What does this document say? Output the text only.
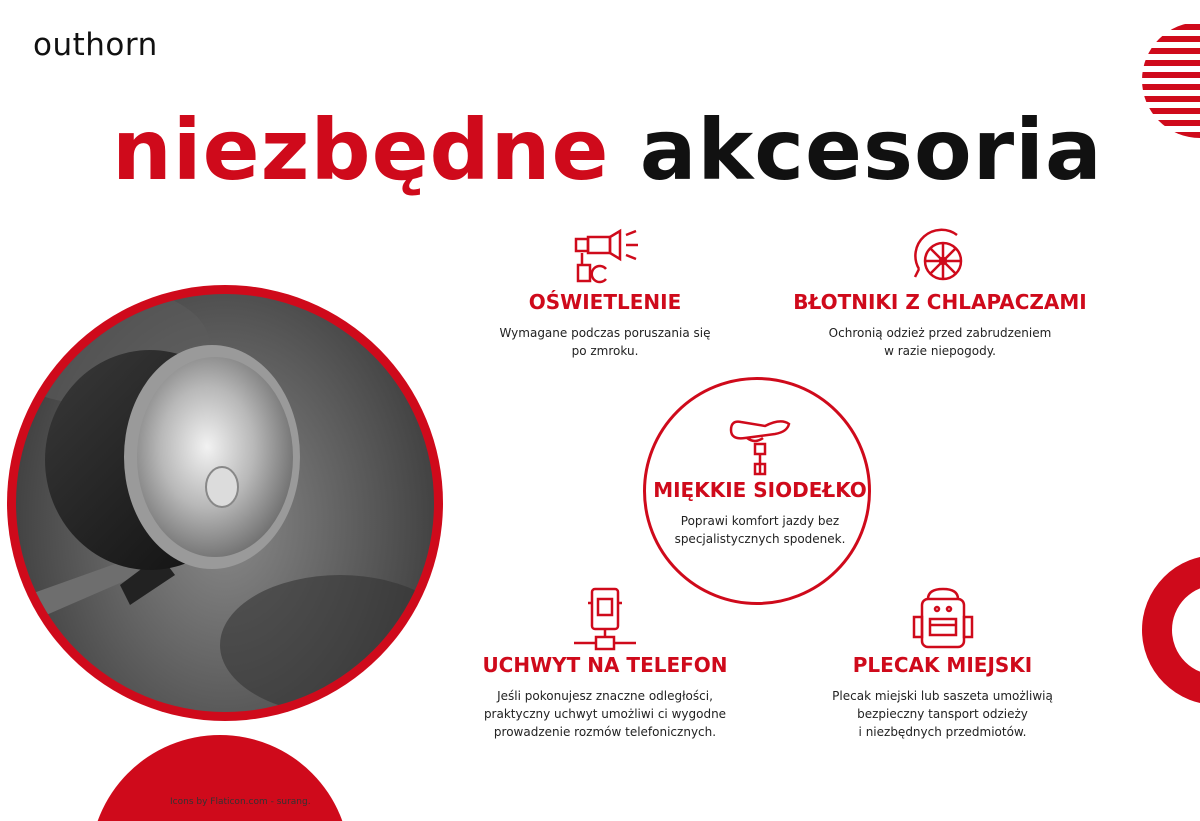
outhorn
niezbędne akcesoria
OŚWIETLENIE
Wymagane podczas poruszania się
po zmroku.
BŁOTNIKI Z CHLAPACZAMI
Ochronią odzież przed zabrudzeniem
w razie niepogody.
MIĘKKIE SIODEŁKO
Poprawi komfort jazdy bez
specjalistycznych spodenek.
UCHWYT NA TELEFON
Jeśli pokonujesz znaczne odległości,
praktyczny uchwyt umożliwi ci wygodne
prowadzenie rozmów telefonicznych.
PLECAK MIEJSKI
Plecak miejski lub saszeta umożliwią
bezpieczny tansport odzieży
i niezbędnych przedmiotów.
Icons by Flaticon.com - surang.
